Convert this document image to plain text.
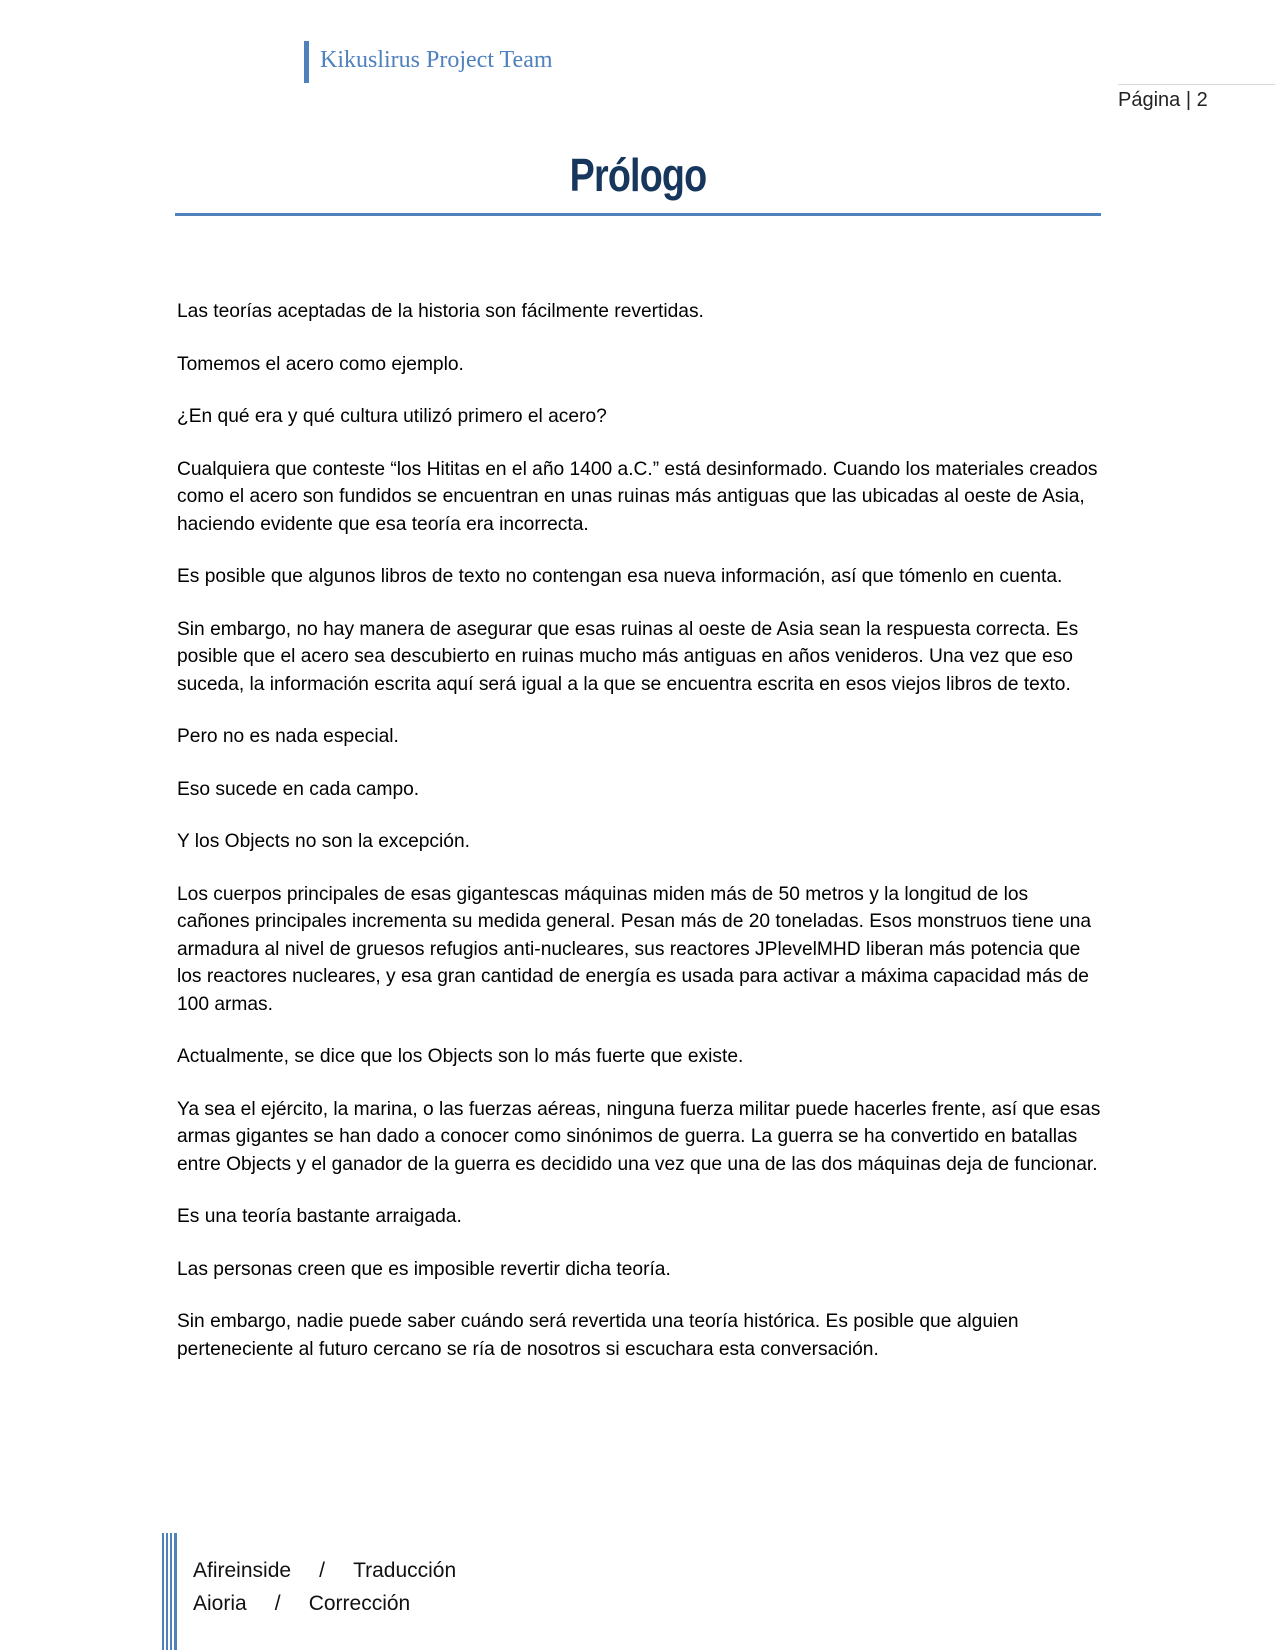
Kikuslirus Project Team
Página | 2
Prólogo

Las teorías aceptadas de la historia son fácilmente revertidas.

Tomemos el acero como ejemplo.

¿En qué era y qué cultura utilizó primero el acero?

Cualquiera que conteste “los Hititas en el año 1400 a.C.” está desinformado. Cuando los materiales creados como el acero son fundidos se encuentran en unas ruinas más antiguas que las ubicadas al oeste de Asia, haciendo evidente que esa teoría era incorrecta.

Es posible que algunos libros de texto no contengan esa nueva información, así que tómenlo en cuenta.

Sin embargo, no hay manera de asegurar que esas ruinas al oeste de Asia sean la respuesta correcta. Es posible que el acero sea descubierto en ruinas mucho más antiguas en años venideros. Una vez que eso suceda, la información escrita aquí será igual a la que se encuentra escrita en esos viejos libros de texto.

Pero no es nada especial.

Eso sucede en cada campo.

Y los Objects no son la excepción.

Los cuerpos principales de esas gigantescas máquinas miden más de 50 metros y la longitud de los cañones principales incrementa su medida general. Pesan más de 20 toneladas. Esos monstruos tiene una armadura al nivel de gruesos refugios anti-nucleares, sus reactores JPlevelMHD liberan más potencia que los reactores nucleares, y esa gran cantidad de energía es usada para activar a máxima capacidad más de 100 armas.

Actualmente, se dice que los Objects son lo más fuerte que existe.

Ya sea el ejército, la marina, o las fuerzas aéreas, ninguna fuerza militar puede hacerles frente, así que esas armas gigantes se han dado a conocer como sinónimos de guerra. La guerra se ha convertido en batallas entre Objects y el ganador de la guerra es decidido una vez que una de las dos máquinas deja de funcionar.

Es una teoría bastante arraigada.

Las personas creen que es imposible revertir dicha teoría.

Sin embargo, nadie puede saber cuándo será revertida una teoría histórica. Es posible que alguien perteneciente al futuro cercano se ría de nosotros si escuchara esta conversación.

Afireinside / Traducción
Aioria / Corrección
